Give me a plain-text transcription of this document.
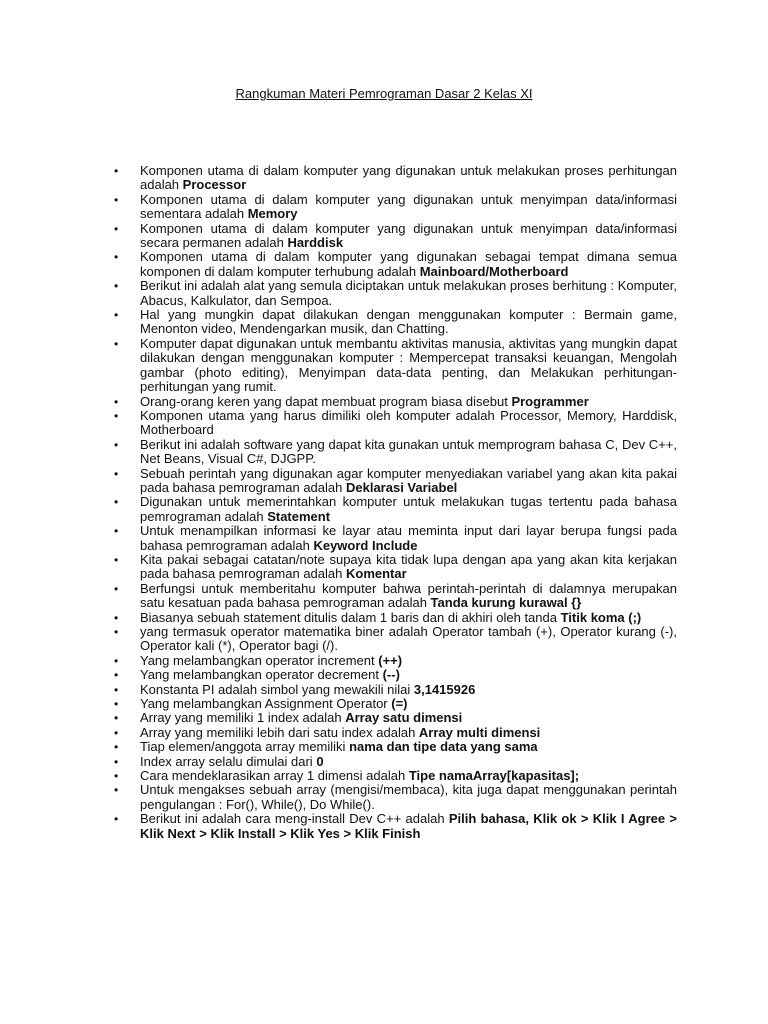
Rangkuman Materi Pemrograman Dasar 2 Kelas XI
• Komponen utama di dalam komputer yang digunakan untuk melakukan proses perhitungan adalah Processor
• Komponen utama di dalam komputer yang digunakan untuk menyimpan data/informasi sementara adalah Memory
• Komponen utama di dalam komputer yang digunakan untuk menyimpan data/informasi secara permanen adalah Harddisk
• Komponen utama di dalam komputer yang digunakan sebagai tempat dimana semua komponen di dalam komputer terhubung adalah Mainboard/Motherboard
• Berikut ini adalah alat yang semula diciptakan untuk melakukan proses berhitung : Komputer, Abacus, Kalkulator, dan Sempoa.
• Hal yang mungkin dapat dilakukan dengan menggunakan komputer : Bermain game, Menonton video, Mendengarkan musik, dan Chatting.
• Komputer dapat digunakan untuk membantu aktivitas manusia, aktivitas yang mungkin dapat dilakukan dengan menggunakan komputer : Mempercepat transaksi keuangan, Mengolah gambar (photo editing), Menyimpan data-data penting, dan Melakukan perhitungan-perhitungan yang rumit.
• Orang-orang keren yang dapat membuat program biasa disebut Programmer
• Komponen utama yang harus dimiliki oleh komputer adalah Processor, Memory, Harddisk, Motherboard
• Berikut ini adalah software yang dapat kita gunakan untuk memprogram bahasa C, Dev C++, Net Beans, Visual C#, DJGPP.
• Sebuah perintah yang digunakan agar komputer menyediakan variabel yang akan kita pakai pada bahasa pemrograman adalah Deklarasi Variabel
• Digunakan untuk memerintahkan komputer untuk melakukan tugas tertentu pada bahasa pemrograman adalah Statement
• Untuk menampilkan informasi ke layar atau meminta input dari layar berupa fungsi pada bahasa pemrograman adalah Keyword Include
• Kita pakai sebagai catatan/note supaya kita tidak lupa dengan apa yang akan kita kerjakan pada bahasa pemrograman adalah Komentar
• Berfungsi untuk memberitahu komputer bahwa perintah-perintah di dalamnya merupakan satu kesatuan pada bahasa pemrograman adalah Tanda kurung kurawal {}
• Biasanya sebuah statement ditulis dalam 1 baris dan di akhiri oleh tanda Titik koma (;)
• yang termasuk operator matematika biner adalah Operator tambah (+), Operator kurang (-), Operator kali (*), Operator bagi (/).
• Yang melambangkan operator increment (++)
• Yang melambangkan operator decrement (--)
• Konstanta PI adalah simbol yang mewakili nilai 3,1415926
• Yang melambangkan Assignment Operator (=)
• Array yang memiliki 1 index adalah Array satu dimensi
• Array yang memiliki lebih dari satu index adalah Array multi dimensi
• Tiap elemen/anggota array memiliki nama dan tipe data yang sama
• Index array selalu dimulai dari 0
• Cara mendeklarasikan array 1 dimensi adalah Tipe namaArray[kapasitas];
• Untuk mengakses sebuah array (mengisi/membaca), kita juga dapat menggunakan perintah pengulangan : For(), While(), Do While().
• Berikut ini adalah cara meng-install Dev C++ adalah Pilih bahasa, Klik ok > Klik I Agree > Klik Next > Klik Install > Klik Yes > Klik Finish
